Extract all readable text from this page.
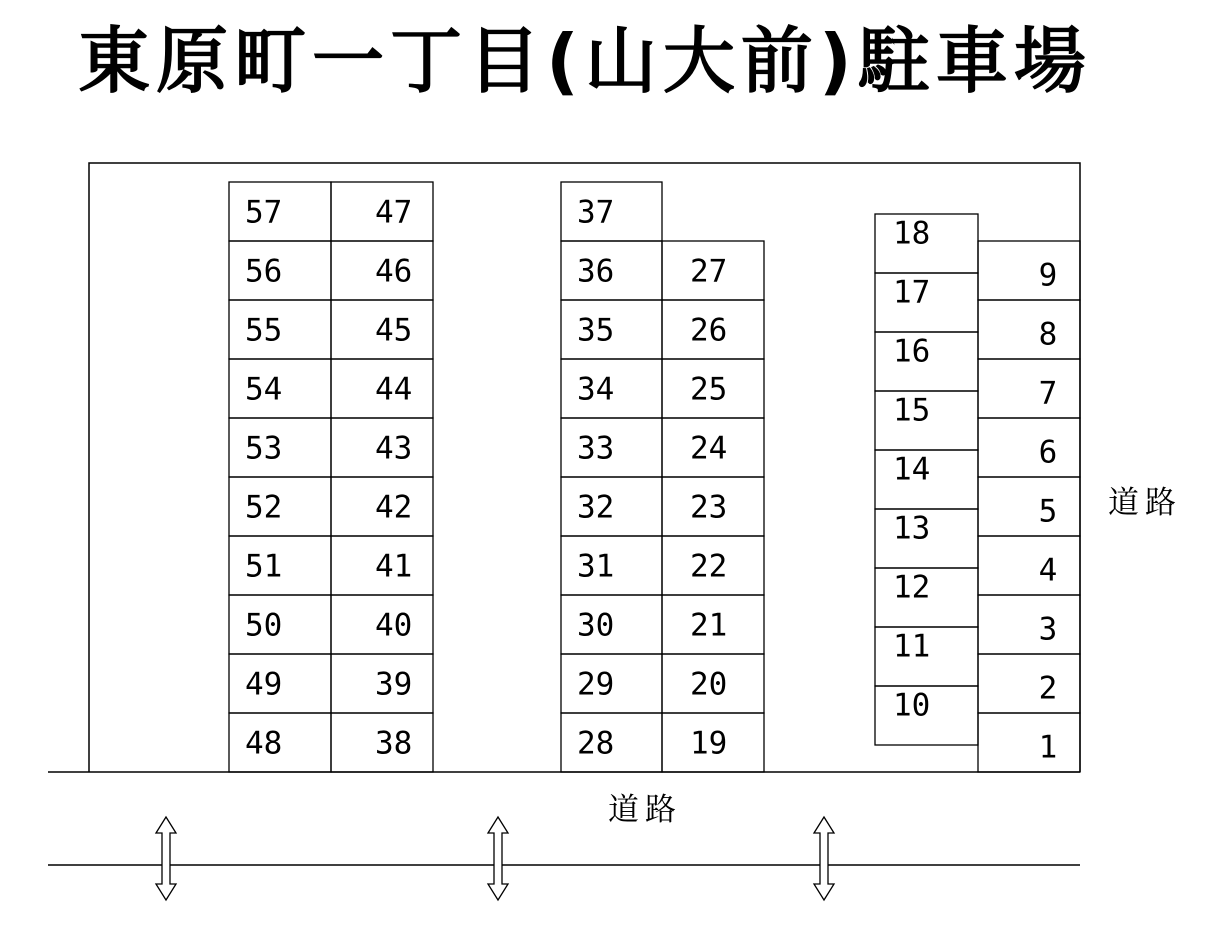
東原町一丁目(山大前)駐車場
57
56
55
54
53
52
51
50
49
48
47
46
45
44
43
42
41
40
39
38
37
36
35
34
33
32
31
30
29
28
27
26
25
24
23
22
21
20
19
18
17
16
15
14
13
12
11
10
9
8
7
6
5
4
3
2
1
道路
道路
